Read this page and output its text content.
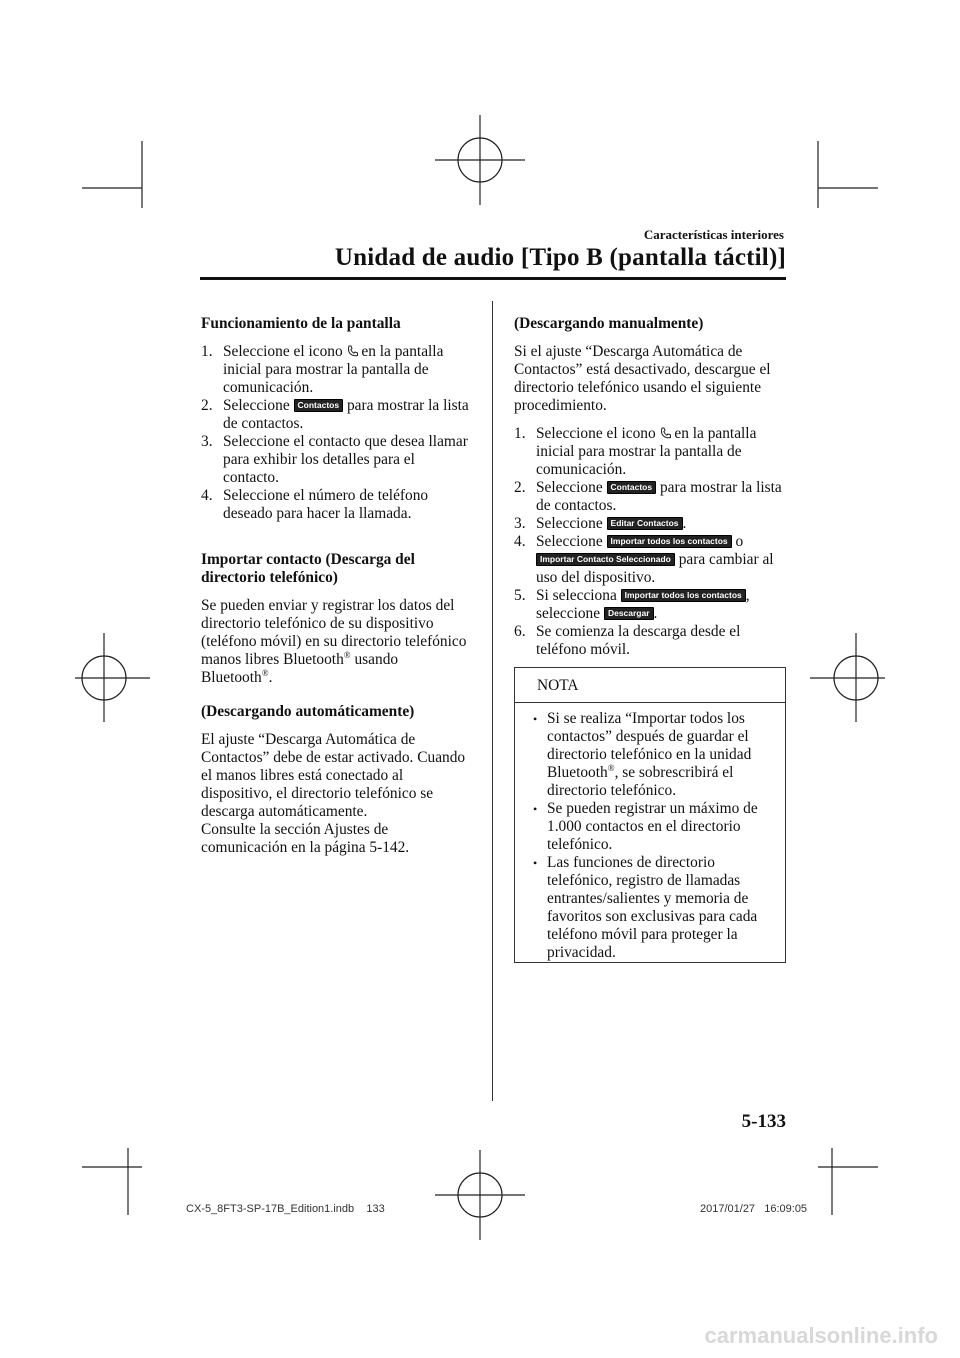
Características interiores
Unidad de audio [Tipo B (pantalla táctil)]

Funcionamiento de la pantalla

1. Seleccione el icono en la pantalla inicial para mostrar la pantalla de comunicación.
2. Seleccione Contactos para mostrar la lista de contactos.
3. Seleccione el contacto que desea llamar para exhibir los detalles para el contacto.
4. Seleccione el número de teléfono deseado para hacer la llamada.

Importar contacto (Descarga del directorio telefónico)

Se pueden enviar y registrar los datos del directorio telefónico de su dispositivo (teléfono móvil) en su directorio telefónico manos libres Bluetooth® usando Bluetooth®.

(Descargando automáticamente)

El ajuste “Descarga Automática de Contactos” debe de estar activado. Cuando el manos libres está conectado al dispositivo, el directorio telefónico se descarga automáticamente.

Consulte la sección Ajustes de comunicación en la página 5-142.

(Descargando manualmente)

Si el ajuste “Descarga Automática de Contactos” está desactivado, descargue el directorio telefónico usando el siguiente procedimiento.

1. Seleccione el icono en la pantalla inicial para mostrar la pantalla de comunicación.
2. Seleccione Contactos para mostrar la lista de contactos.
3. Seleccione Editar Contactos .
4. Seleccione Importar todos los contactos o
Importar Contacto Seleccionado para cambiar al uso del dispositivo.
5. Si selecciona Importar todos los contactos , seleccione Descargar .
6. Se comienza la descarga desde el teléfono móvil.
NOTA
• Si se realiza “Importar todos los contactos” después de guardar el directorio telefónico en la unidad Bluetooth®, se sobrescribirá el directorio telefónico.
• Se pueden registrar un máximo de 1.000 contactos en el directorio telefónico.
• Las funciones de directorio telefónico, registro de llamadas entrantes/salientes y memoria de favoritos son exclusivas para cada teléfono móvil para proteger la privacidad.
5-133
CX-5_8FT3-SP-17B_Edition1.indb 133	2017/01/27 16:09:05
carmanualsonline.info
